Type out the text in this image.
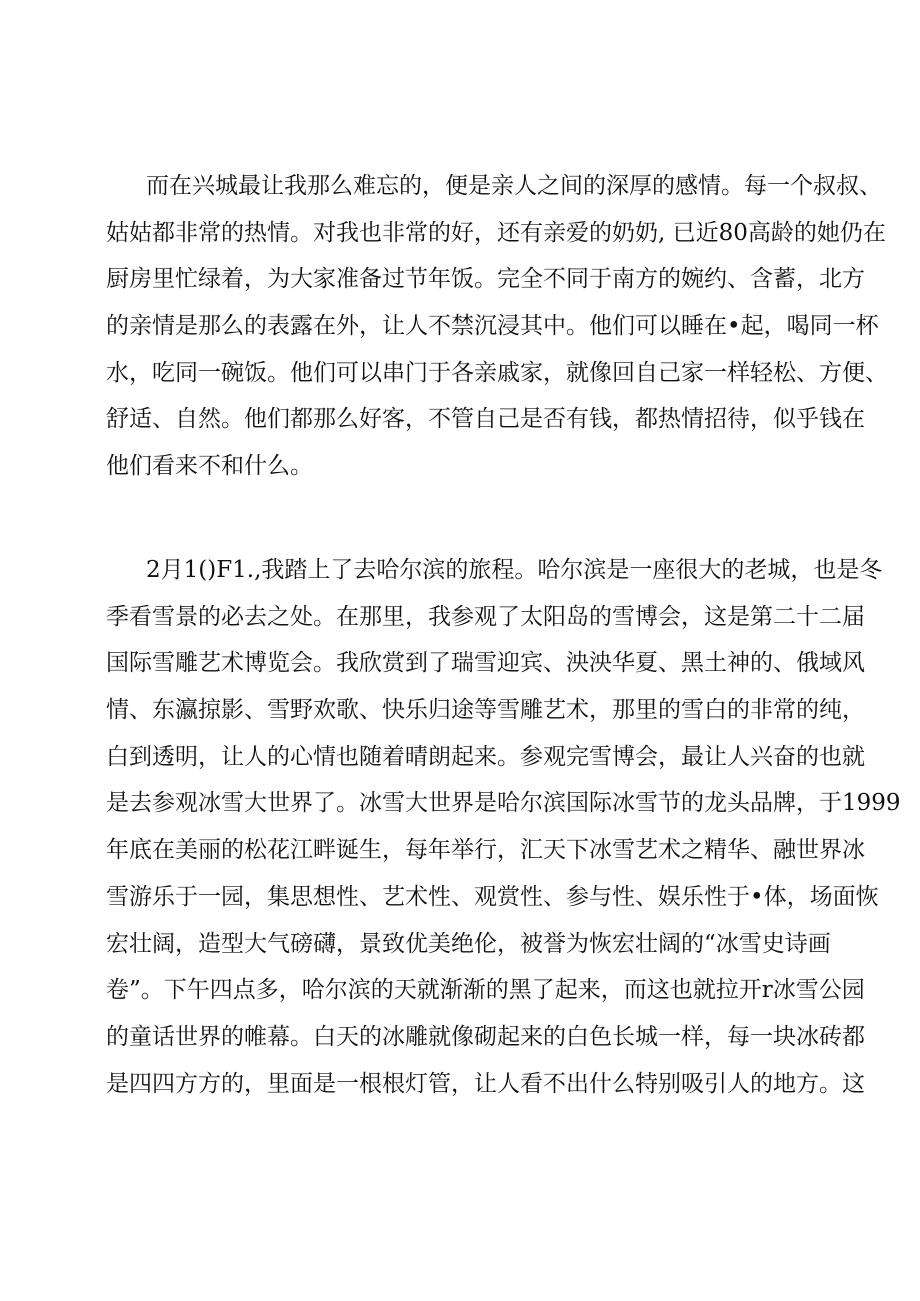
而在兴城最让我那么难忘的，便是亲人之间的深厚的感情。每一个叔叔、
姑姑都非常的热情。对我也非常的好，还有亲爱的奶奶, 已近80高龄的她仍在
厨房里忙绿着，为大家准备过节年饭。完全不同于南方的婉约、含蓄，北方
的亲情是那么的表露在外，让人不禁沉浸其中。他们可以睡在•起，喝同一杯
水，吃同一碗饭。他们可以串门于各亲戚家，就像回自己家一样轻松、方便、
舒适、自然。他们都那么好客，不管自己是否有钱，都热情招待，似乎钱在
他们看来不和什么。
2月1()F1.,我踏上了去哈尔滨的旅程。哈尔滨是一座很大的老城，也是冬
季看雪景的必去之处。在那里，我参观了太阳岛的雪博会，这是第二十二届
国际雪雕艺术博览会。我欣赏到了瑞雪迎宾、泱泱华夏、黑土神的、俄域风
情、东瀛掠影、雪野欢歌、快乐归途等雪雕艺术，那里的雪白的非常的纯，
白到透明，让人的心情也随着晴朗起来。参观完雪博会，最让人兴奋的也就
是去参观冰雪大世界了。冰雪大世界是哈尔滨国际冰雪节的龙头品牌，于1999
年底在美丽的松花江畔诞生，每年举行，汇天下冰雪艺术之精华、融世界冰
雪游乐于一园，集思想性、艺术性、观赏性、参与性、娱乐性于•体，场面恢
宏壮阔，造型大气磅礴，景致优美绝伦，被誉为恢宏壮阔的“冰雪史诗画
卷”。下午四点多，哈尔滨的天就渐渐的黑了起来，而这也就拉开r冰雪公园
的童话世界的帷幕。白天的冰雕就像砌起来的白色长城一样，每一块冰砖都
是四四方方的，里面是一根根灯管，让人看不出什么特别吸引人的地方。这
